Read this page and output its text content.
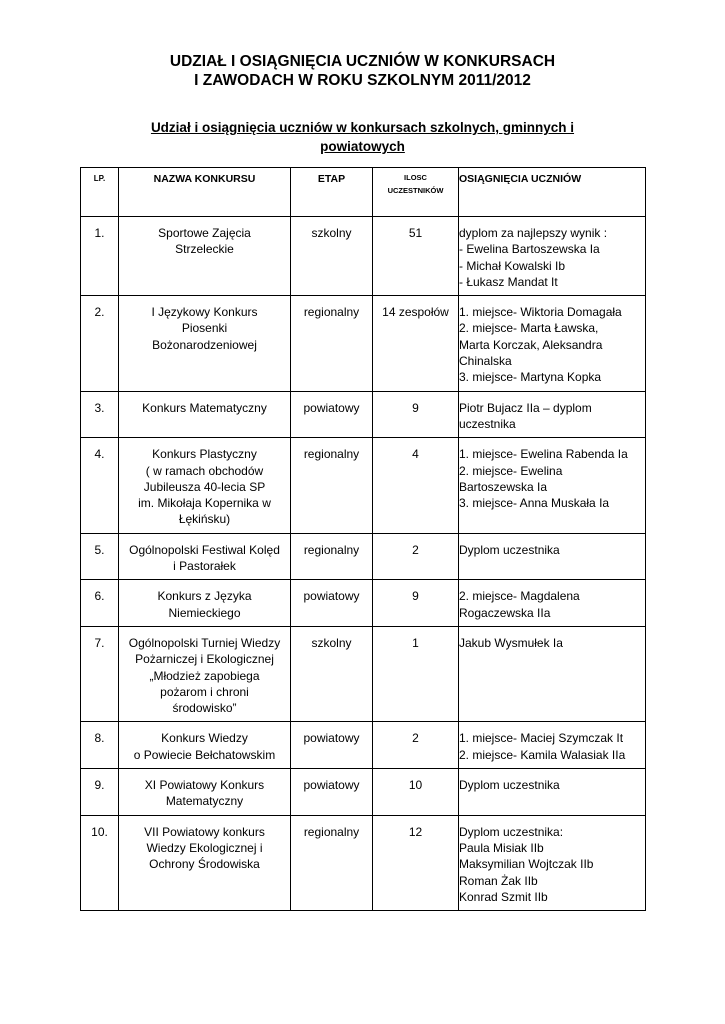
UDZIAŁ I OSIĄGNIĘCIA UCZNIÓW W KONKURSACH
I ZAWODACH W ROKU SZKOLNYM 2011/2012
Udział i osiągnięcia uczniów w konkursach szkolnych, gminnych i powiatowych
LP.	NAZWA KONKURSU	ETAP	ILOSC
UCZESTNIKÓW	OSIĄGNIĘCIA UCZNIÓW
1.	Sportowe Zajęcia
Strzeleckie	szkolny	51	dyplom za najlepszy wynik :
- Ewelina Bartoszewska Ia
- Michał Kowalski Ib
- Łukasz Mandat It

2.	I Językowy Konkurs
Piosenki
Bożonarodzeniowej	regionalny	14 zespołów	1. miejsce- Wiktoria Domagała
2. miejsce- Marta Ławska,
Marta Korczak, Aleksandra
Chinalska
3. miejsce- Martyna Kopka

3.	Konkurs Matematyczny	powiatowy	9	Piotr Bujacz IIa – dyplom
uczestnika

4.	Konkurs Plastyczny
( w ramach obchodów
Jubileusza 40-lecia SP
im. Mikołaja Kopernika w
Łękińsku)	regionalny	4	1. miejsce- Ewelina Rabenda Ia
2. miejsce- Ewelina
Bartoszewska Ia
3. miejsce- Anna Muskała Ia

5.	Ogólnopolski Festiwal Kolęd
i Pastorałek	regionalny	2	Dyplom uczestnika

6.	Konkurs z Języka
Niemieckiego	powiatowy	9	2. miejsce- Magdalena
Rogaczewska IIa

7.	Ogólnopolski Turniej Wiedzy
Pożarniczej i Ekologicznej
„Młodzież zapobiega
pożarom i chroni
środowisko”	szkolny	1	Jakub Wysmułek Ia

8.	Konkurs Wiedzy
o Powiecie Bełchatowskim	powiatowy	2	1. miejsce- Maciej Szymczak It
2. miejsce- Kamila Walasiak IIa

9.	XI Powiatowy Konkurs
Matematyczny	powiatowy	10	Dyplom uczestnika

10.	VII Powiatowy konkurs
Wiedzy Ekologicznej i
Ochrony Środowiska	regionalny	12	Dyplom uczestnika:
Paula Misiak IIb
Maksymilian Wojtczak IIb
Roman Żak IIb
Konrad Szmit IIb
